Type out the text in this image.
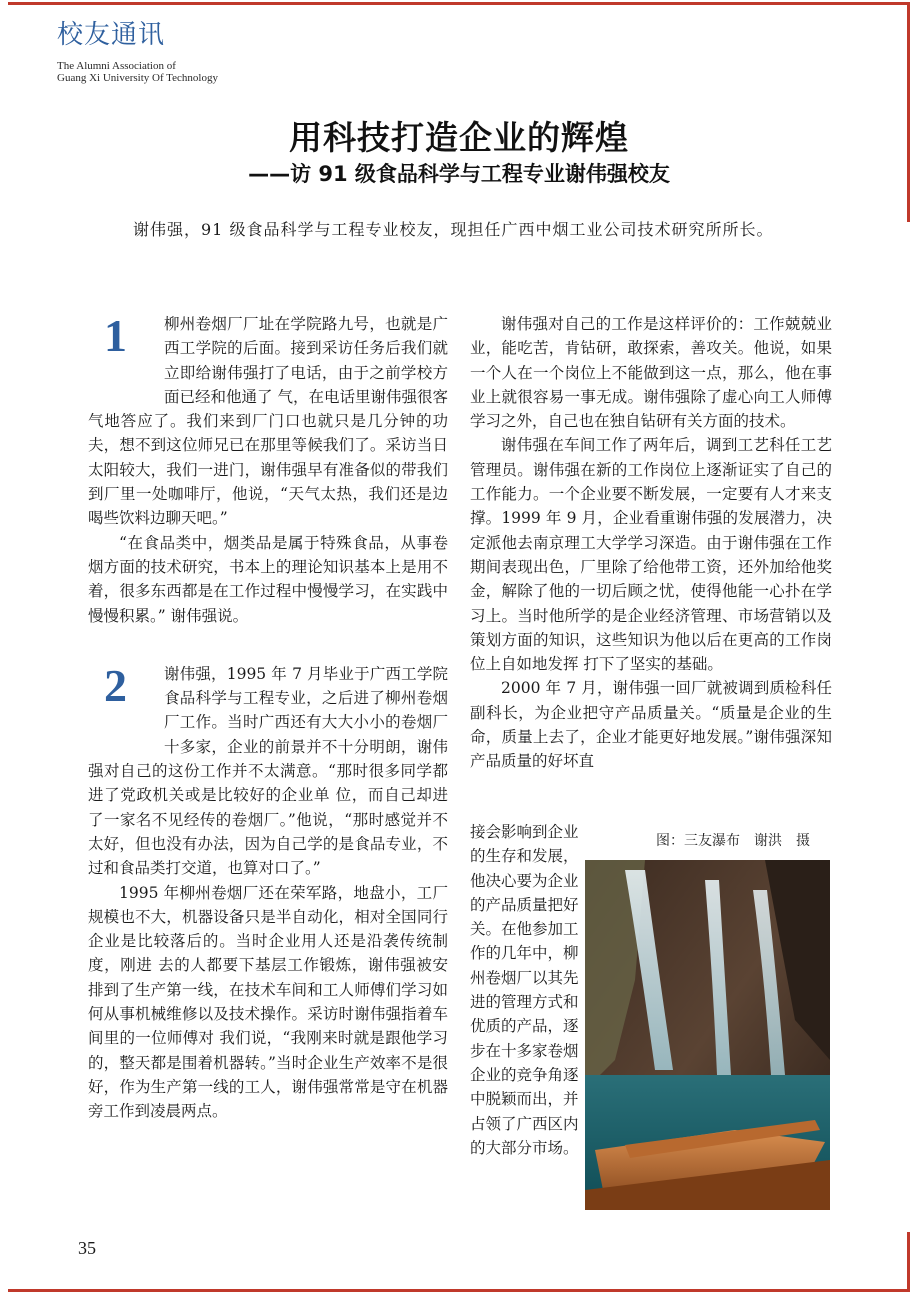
校友通讯
The Alumni Association of
Guang Xi University Of Technology
用科技打造企业的辉煌
——访 91 级食品科学与工程专业谢伟强校友
谢伟强，91 级食品科学与工程专业校友，现担任广西中烟工业公司技术研究所所长。
1	柳州卷烟厂厂址在学院路九号，也就是广西工学院的后面。接到采访任务后我们就立即给谢伟强打了电话，由于之前学校方面已经和他通了 气，在电话里谢伟强很客气地答应了。我们来到厂门口也就只是几分钟的功夫，想不到这位师兄已在那里等候我们了。采访当日太阳较大，我们一进门，谢伟强早有准备似的带我们到厂里一处咖啡厅，他说，“天气太热，我们还是边喝些饮料边聊天吧。”

“在食品类中，烟类品是属于特殊食品，从事卷烟方面的技术研究，书本上的理论知识基本上是用不着，很多东西都是在工作过程中慢慢学习，在实践中慢慢积累。” 谢伟强说。

2	谢伟强，1995 年 7 月毕业于广西工学院食品科学与工程专业，之后进了柳州卷烟厂工作。当时广西还有大大小小的卷烟厂十多家，企业的前景并不十分明朗，谢伟强对自己的这份工作并不太满意。“那时很多同学都进了党政机关或是比较好的企业单 位，而自己却进了一家名不见经传的卷烟厂。”他说，“那时感觉并不太好，但也没有办法，因为自己学的是食品专业，不过和食品类打交道，也算对口了。”

1995 年柳州卷烟厂还在荣军路，地盘小，工厂规模也不大，机器设备只是半自动化，相对全国同行企业是比较落后的。当时企业用人还是沿袭传统制度，刚进 去的人都要下基层工作锻炼，谢伟强被安排到了生产第一线，在技术车间和工人师傅们学习如何从事机械维修以及技术操作。采访时谢伟强指着车间里的一位师傅对 我们说，“我刚来时就是跟他学习的，整天都是围着机器转。”当时企业生产效率不是很好，作为生产第一线的工人，谢伟强常常是守在机器旁工作到凌晨两点。

谢伟强对自己的工作是这样评价的：工作兢兢业业，能吃苦，肯钻研，敢探索，善攻关。他说，如果一个人在一个岗位上不能做到这一点，那么，他在事业上就很容易一事无成。谢伟强除了虚心向工人师傅学习之外，自己也在独自钻研有关方面的技术。

谢伟强在车间工作了两年后，调到工艺科任工艺管理员。谢伟强在新的工作岗位上逐渐证实了自己的工作能力。一个企业要不断发展，一定要有人才来支撑。1999 年 9 月，企业看重谢伟强的发展潜力，决定派他去南京理工大学学习深造。由于谢伟强在工作期间表现出色，厂里除了给他带工资，还外加给他奖金，解除了他的一切后顾之忧，使得他能一心扑在学习上。当时他所学的是企业经济管理、市场营销以及策划方面的知识，这些知识为他以后在更高的工作岗位上自如地发挥 打下了坚实的基础。

2000 年 7 月，谢伟强一回厂就被调到质检科任副科长，为企业把守产品质量关。“质量是企业的生命，质量上去了，企业才能更好地发展。”谢伟强深知产品质量的好坏直

接会影响到企业的生存和发展，他决心要为企业的产品质量把好关。在他参加工作的几年中，柳州卷烟厂以其先进的管理方式和优质的产品，逐步在十多家卷烟企业的竞争角逐中脱颖而出，并占领了广西区内的大部分市场。
图：三友瀑布　谢洪　摄
35
